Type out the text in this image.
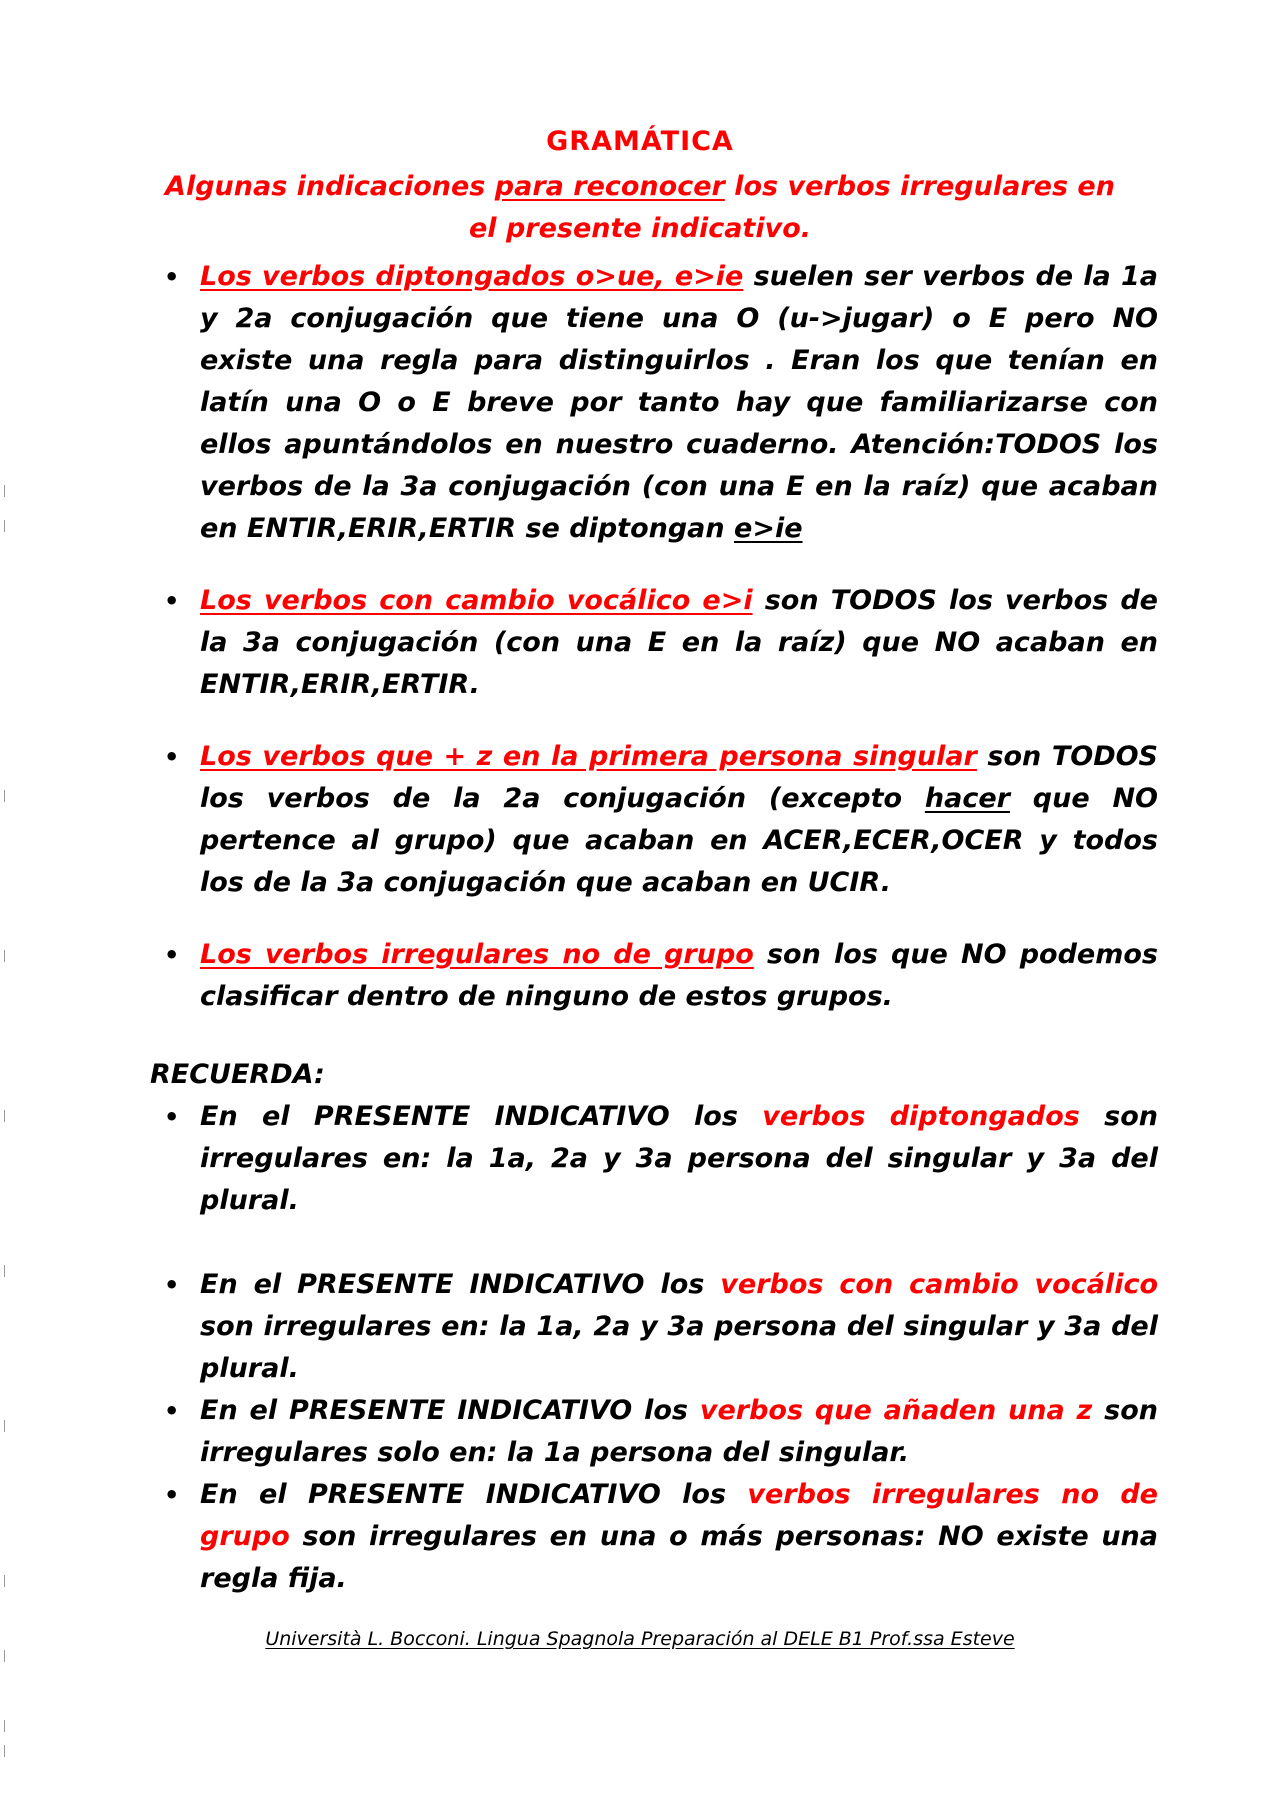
GRAMÁTICA
Algunas indicaciones para reconocer los verbos irregulares en el presente indicativo.
• Los verbos diptongados o>ue, e>ie suelen ser verbos de la 1a y 2a conjugación que tiene una O (u->jugar) o E pero NO existe una regla para distinguirlos . Eran los que tenían en latín una O o E breve por tanto hay que familiarizarse con ellos apuntándolos en nuestro cuaderno. Atención:TODOS los verbos de la 3a conjugación (con una E en la raíz) que acaban en ENTIR,ERIR,ERTIR se diptongan e>ie
• Los verbos con cambio vocálico e>i son TODOS los verbos de la 3a conjugación (con una E en la raíz) que NO acaban en ENTIR,ERIR,ERTIR.
• Los verbos que + z en la primera persona singular son TODOS los verbos de la 2a conjugación (excepto hacer que NO pertence al grupo) que acaban en ACER,ECER,OCER y todos los de la 3a conjugación que acaban en UCIR.
• Los verbos irregulares no de grupo son los que NO podemos clasificar dentro de ninguno de estos grupos.
RECUERDA:
• En el PRESENTE INDICATIVO los verbos diptongados son irregulares en: la 1a, 2a y 3a persona del singular y 3a del plural.
• En el PRESENTE INDICATIVO los verbos con cambio vocálico son irregulares en: la 1a, 2a y 3a persona del singular y 3a del plural.
• En el PRESENTE INDICATIVO los verbos que añaden una z son irregulares solo en: la 1a persona del singular.
• En el PRESENTE INDICATIVO los verbos irregulares no de grupo son irregulares en una o más personas: NO existe una regla fija.
Università L. Bocconi. Lingua Spagnola Preparación al DELE B1 Prof.ssa Esteve
